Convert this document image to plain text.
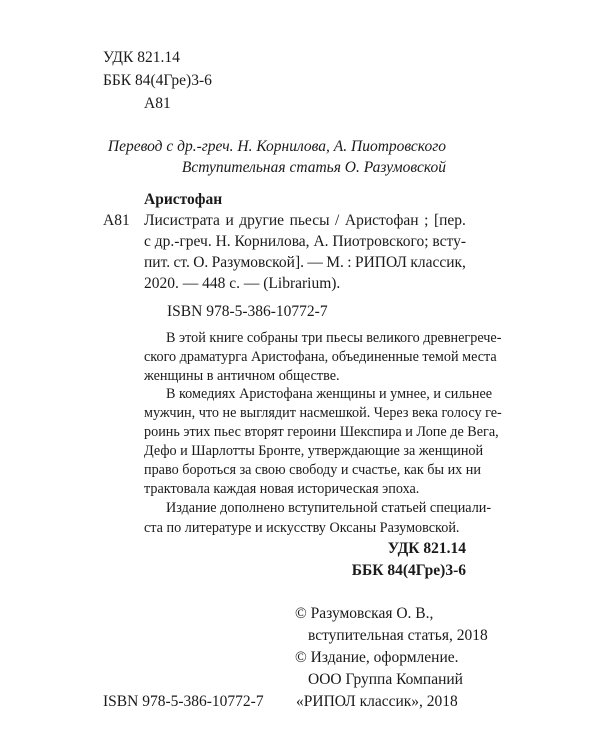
УДК 821.14
ББК 84(4Гре)3-6
А81
Перевод с др.-греч. Н. Корнилова, А. Пиотровского
Вступительная статья О. Разумовской
Аристофан
А81 Лисистрата и другие пьесы / Аристофан ; [пер.
с др.-греч. Н. Корнилова, А. Пиотровского; всту-
пит. ст. О. Разумовской]. — М. : РИПОЛ классик,
2020. — 448 с. — (Librarium).
ISBN 978-5-386-10772-7
В этой книге собраны три пьесы великого древнегрече-
ского драматурга Аристофана, объединенные темой места
женщины в античном обществе.
В комедиях Аристофана женщины и умнее, и сильнее
мужчин, что не выглядит насмешкой. Через века голосу ге-
роинь этих пьес вторят героини Шекспира и Лопе де Вега,
Дефо и Шарлотты Бронте, утверждающие за женщиной
право бороться за свою свободу и счастье, как бы их ни
трактовала каждая новая историческая эпоха.
Издание дополнено вступительной статьей специали-
ста по литературе и искусству Оксаны Разумовской.
УДК 821.14
ББК 84(4Гре)3-6
© Разумовская О. В.,
вступительная статья, 2018
© Издание, оформление.
ООО Группа Компаний
ISBN 978-5-386-10772-7 «РИПОЛ классик», 2018
